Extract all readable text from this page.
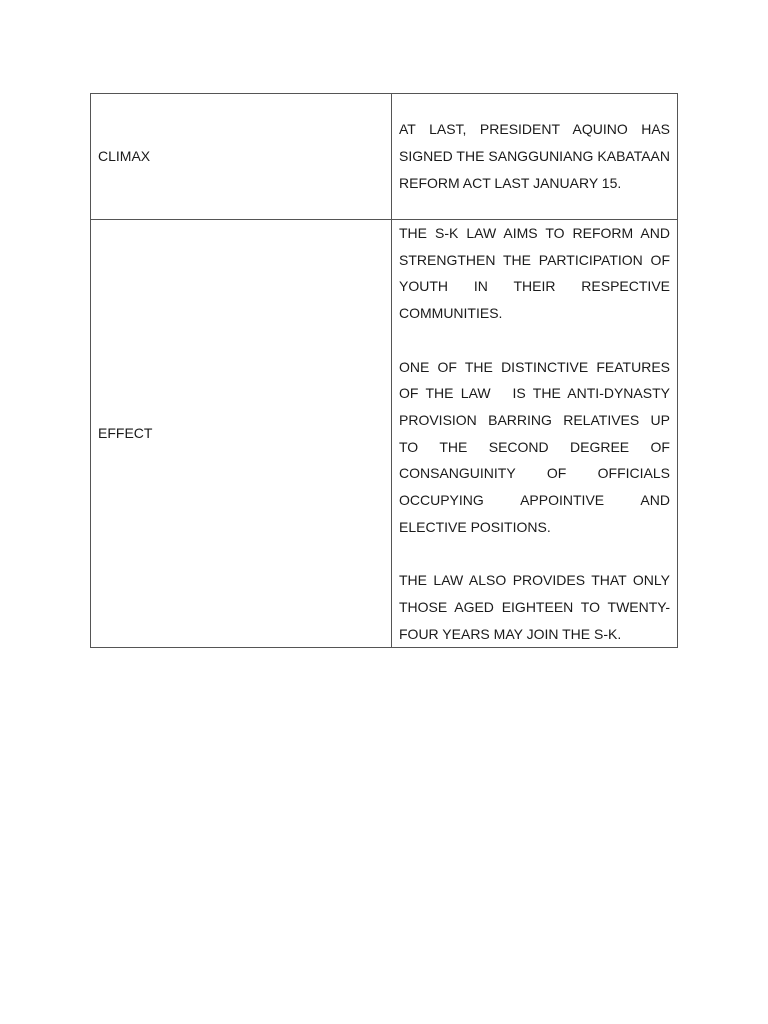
CLIMAX	AT LAST, PRESIDENT AQUINO HAS SIGNED THE SANGGUNIANG KABATAAN REFORM ACT LAST JANUARY 15.

EFFECT	THE S-K LAW AIMS TO REFORM AND STRENGTHEN THE PARTICIPATION OF YOUTH IN THEIR RESPECTIVE COMMUNITIES.

ONE OF THE DISTINCTIVE FEATURES OF THE LAW   IS THE ANTI-DYNASTY PROVISION BARRING RELATIVES UP TO THE SECOND DEGREE OF CONSANGUINITY OF OFFICIALS OCCUPYING APPOINTIVE AND ELECTIVE POSITIONS.

THE LAW ALSO PROVIDES THAT ONLY THOSE AGED EIGHTEEN TO TWENTY-FOUR YEARS MAY JOIN THE S-K.
